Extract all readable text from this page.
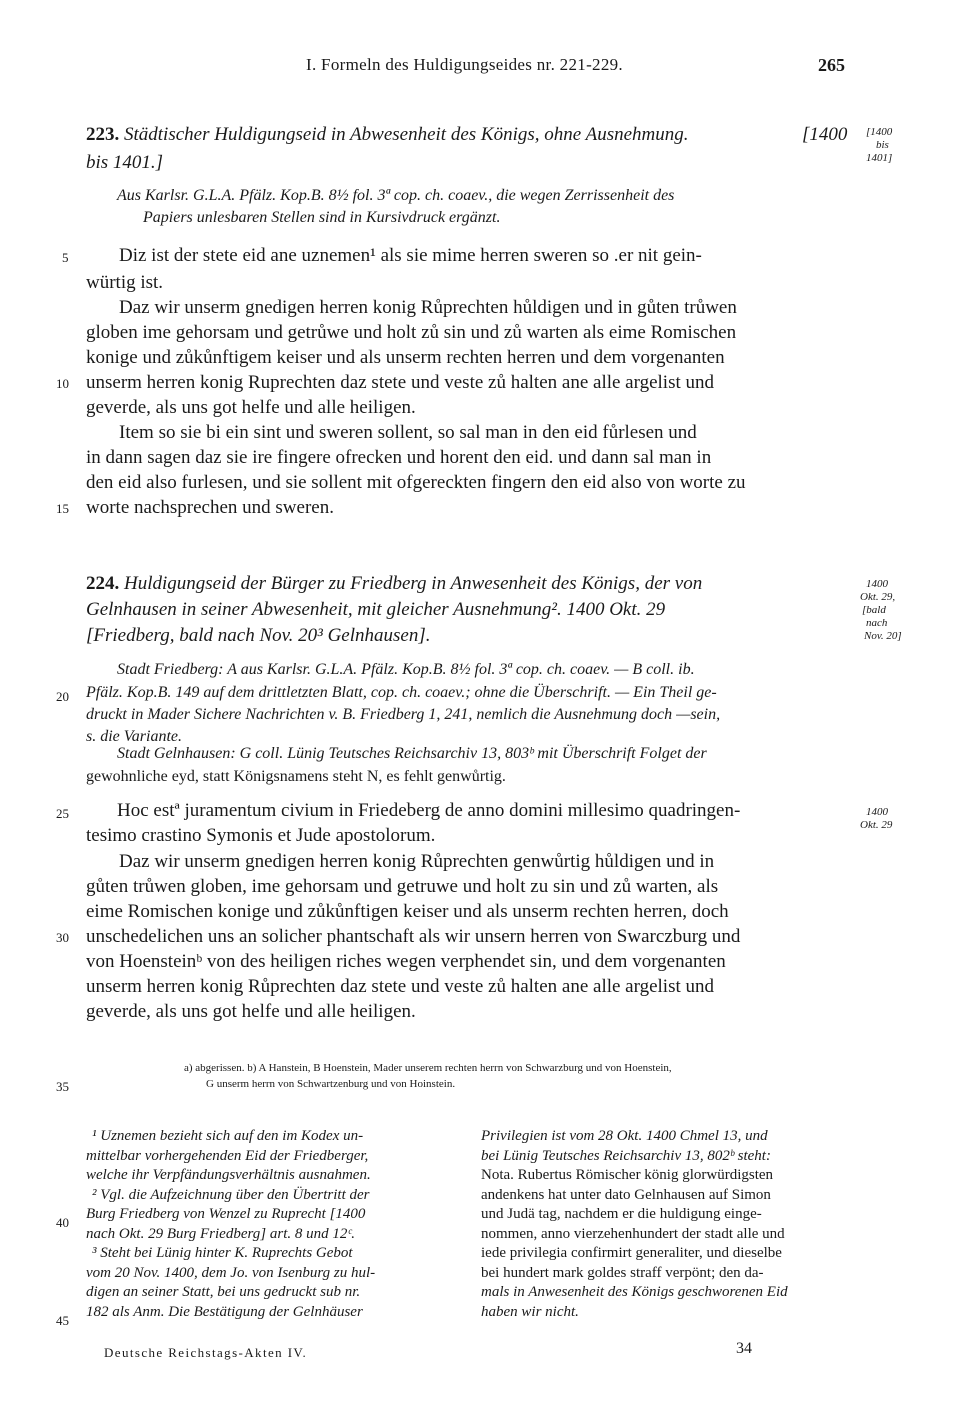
I. Formeln des Huldigungseides nr. 221-229.	265
223. Städtischer Huldigungseid in Abwesenheit des Königs, ohne Ausnehmung.	[1400
bis 1401.]
[1400
bis
1401]
Aus Karlsr. G.L.A. Pfälz. Kop.B. 8½ fol. 3ª cop. ch. coaev., die wegen Zerrissenheit des
Papiers unlesbaren Stellen sind in Kursivdruck ergänzt.
Diz ist der stete eid ane uznemen¹ als sie mime herren sweren so .er nit gein-
würtig ist.
Daz wir unserm gnedigen herren konig Růprechten hůldigen und in gůten trůwen
globen ime gehorsam und getrůwe und holt zů sin und zů warten als eime Romischen
konige und zůkůnftigem keiser und als unserm rechten herren und dem vorgenanten
unserm herren konig Ruprechten daz stete und veste zů halten ane alle argelist und
geverde, als uns got helfe und alle heiligen.
Item so sie bi ein sint und sweren sollent, so sal man in den eid fůrlesen und
in dann sagen daz sie ire fingere ofrecken und horent den eid. und dann sal man in
den eid also furlesen, und sie sollent mit ofgereckten fingern den eid also von worte zu
worte nachsprechen und sweren.
5
10
15
20
25
30
35
40
45
224. Huldigungseid der Bürger zu Friedberg in Anwesenheit des Königs, der von
Gelnhausen in seiner Abwesenheit, mit gleicher Ausnehmung². 1400 Okt. 29
[Friedberg, bald nach Nov. 20³ Gelnhausen].
1400
Okt. 29,
[bald
nach
Nov. 20]
Stadt Friedberg: A aus Karlsr. G.L.A. Pfälz. Kop.B. 8½ fol. 3ª cop. ch. coaev. — B coll. ib.
Pfälz. Kop.B. 149 auf dem drittletzten Blatt, cop. ch. coaev.; ohne die Überschrift. — Ein Theil ge-
druckt in Mader Sichere Nachrichten v. B. Friedberg 1, 241, nemlich die Ausnehmung doch —sein,
s. die Variante.
Stadt Gelnhausen: G coll. Lünig Teutsches Reichsarchiv 13, 803ᵇ mit Überschrift Folget der
gewohnliche eyd, statt Königsnamens steht N, es fehlt genwůrtig.
1400
Okt. 29
Hoc estª juramentum civium in Friedeberg de anno domini millesimo quadringen-
tesimo crastino Symonis et Jude apostolorum.
Daz wir unserm gnedigen herren konig Růprechten genwůrtig hůldigen und in
gůten trůwen globen, ime gehorsam und getruwe und holt zu sin und zů warten, als
eime Romischen konige und zůkůnftigen keiser und als unserm rechten herren, doch
unschedelichen uns an solicher phantschaft als wir unsern herren von Swarczburg und
von Hoensteinᵇ von des heiligen riches wegen verphendet sin, und dem vorgenanten
unserm herren konig Růprechten daz stete und veste zů halten ane alle argelist und
geverde, als uns got helfe und alle heiligen.
a) abgerissen. b) A Hanstein, B Hoenstein, Mader unserem rechten herrn von Schwarzburg und von Hoenstein,
G unserm herrn von Schwartzenburg und von Hoinstein.
¹ Uznemen bezieht sich auf den im Kodex un-
mittelbar vorhergehenden Eid der Friedberger,
welche ihr Verpfändungsverhältnis ausnahmen.
² Vgl. die Aufzeichnung über den Übertritt der
Burg Friedberg von Wenzel zu Ruprecht [1400
nach Okt. 29 Burg Friedberg] art. 8 und 12ᶜ.
³ Steht bei Lünig hinter K. Ruprechts Gebot
vom 20 Nov. 1400, dem Jo. von Isenburg zu hul-
digen an seiner Statt, bei uns gedruckt sub nr.
182 als Anm. Die Bestätigung der Gelnhäuser
Privilegien ist vom 28 Okt. 1400 Chmel 13, und
bei Lünig Teutsches Reichsarchiv 13, 802ᵇ steht:
Nota. Rubertus Römischer könig glorwürdigsten
andenkens hat unter dato Gelnhausen auf Simon
und Judä tag, nachdem er die huldigung einge-
nommen, anno vierzehenhundert der stadt alle und
iede privilegia confirmirt generaliter, und dieselbe
bei hundert mark goldes straff verpönt; den da-
mals in Anwesenheit des Königs geschworenen Eid
haben wir nicht.
Deutsche Reichstags-Akten IV.	34
